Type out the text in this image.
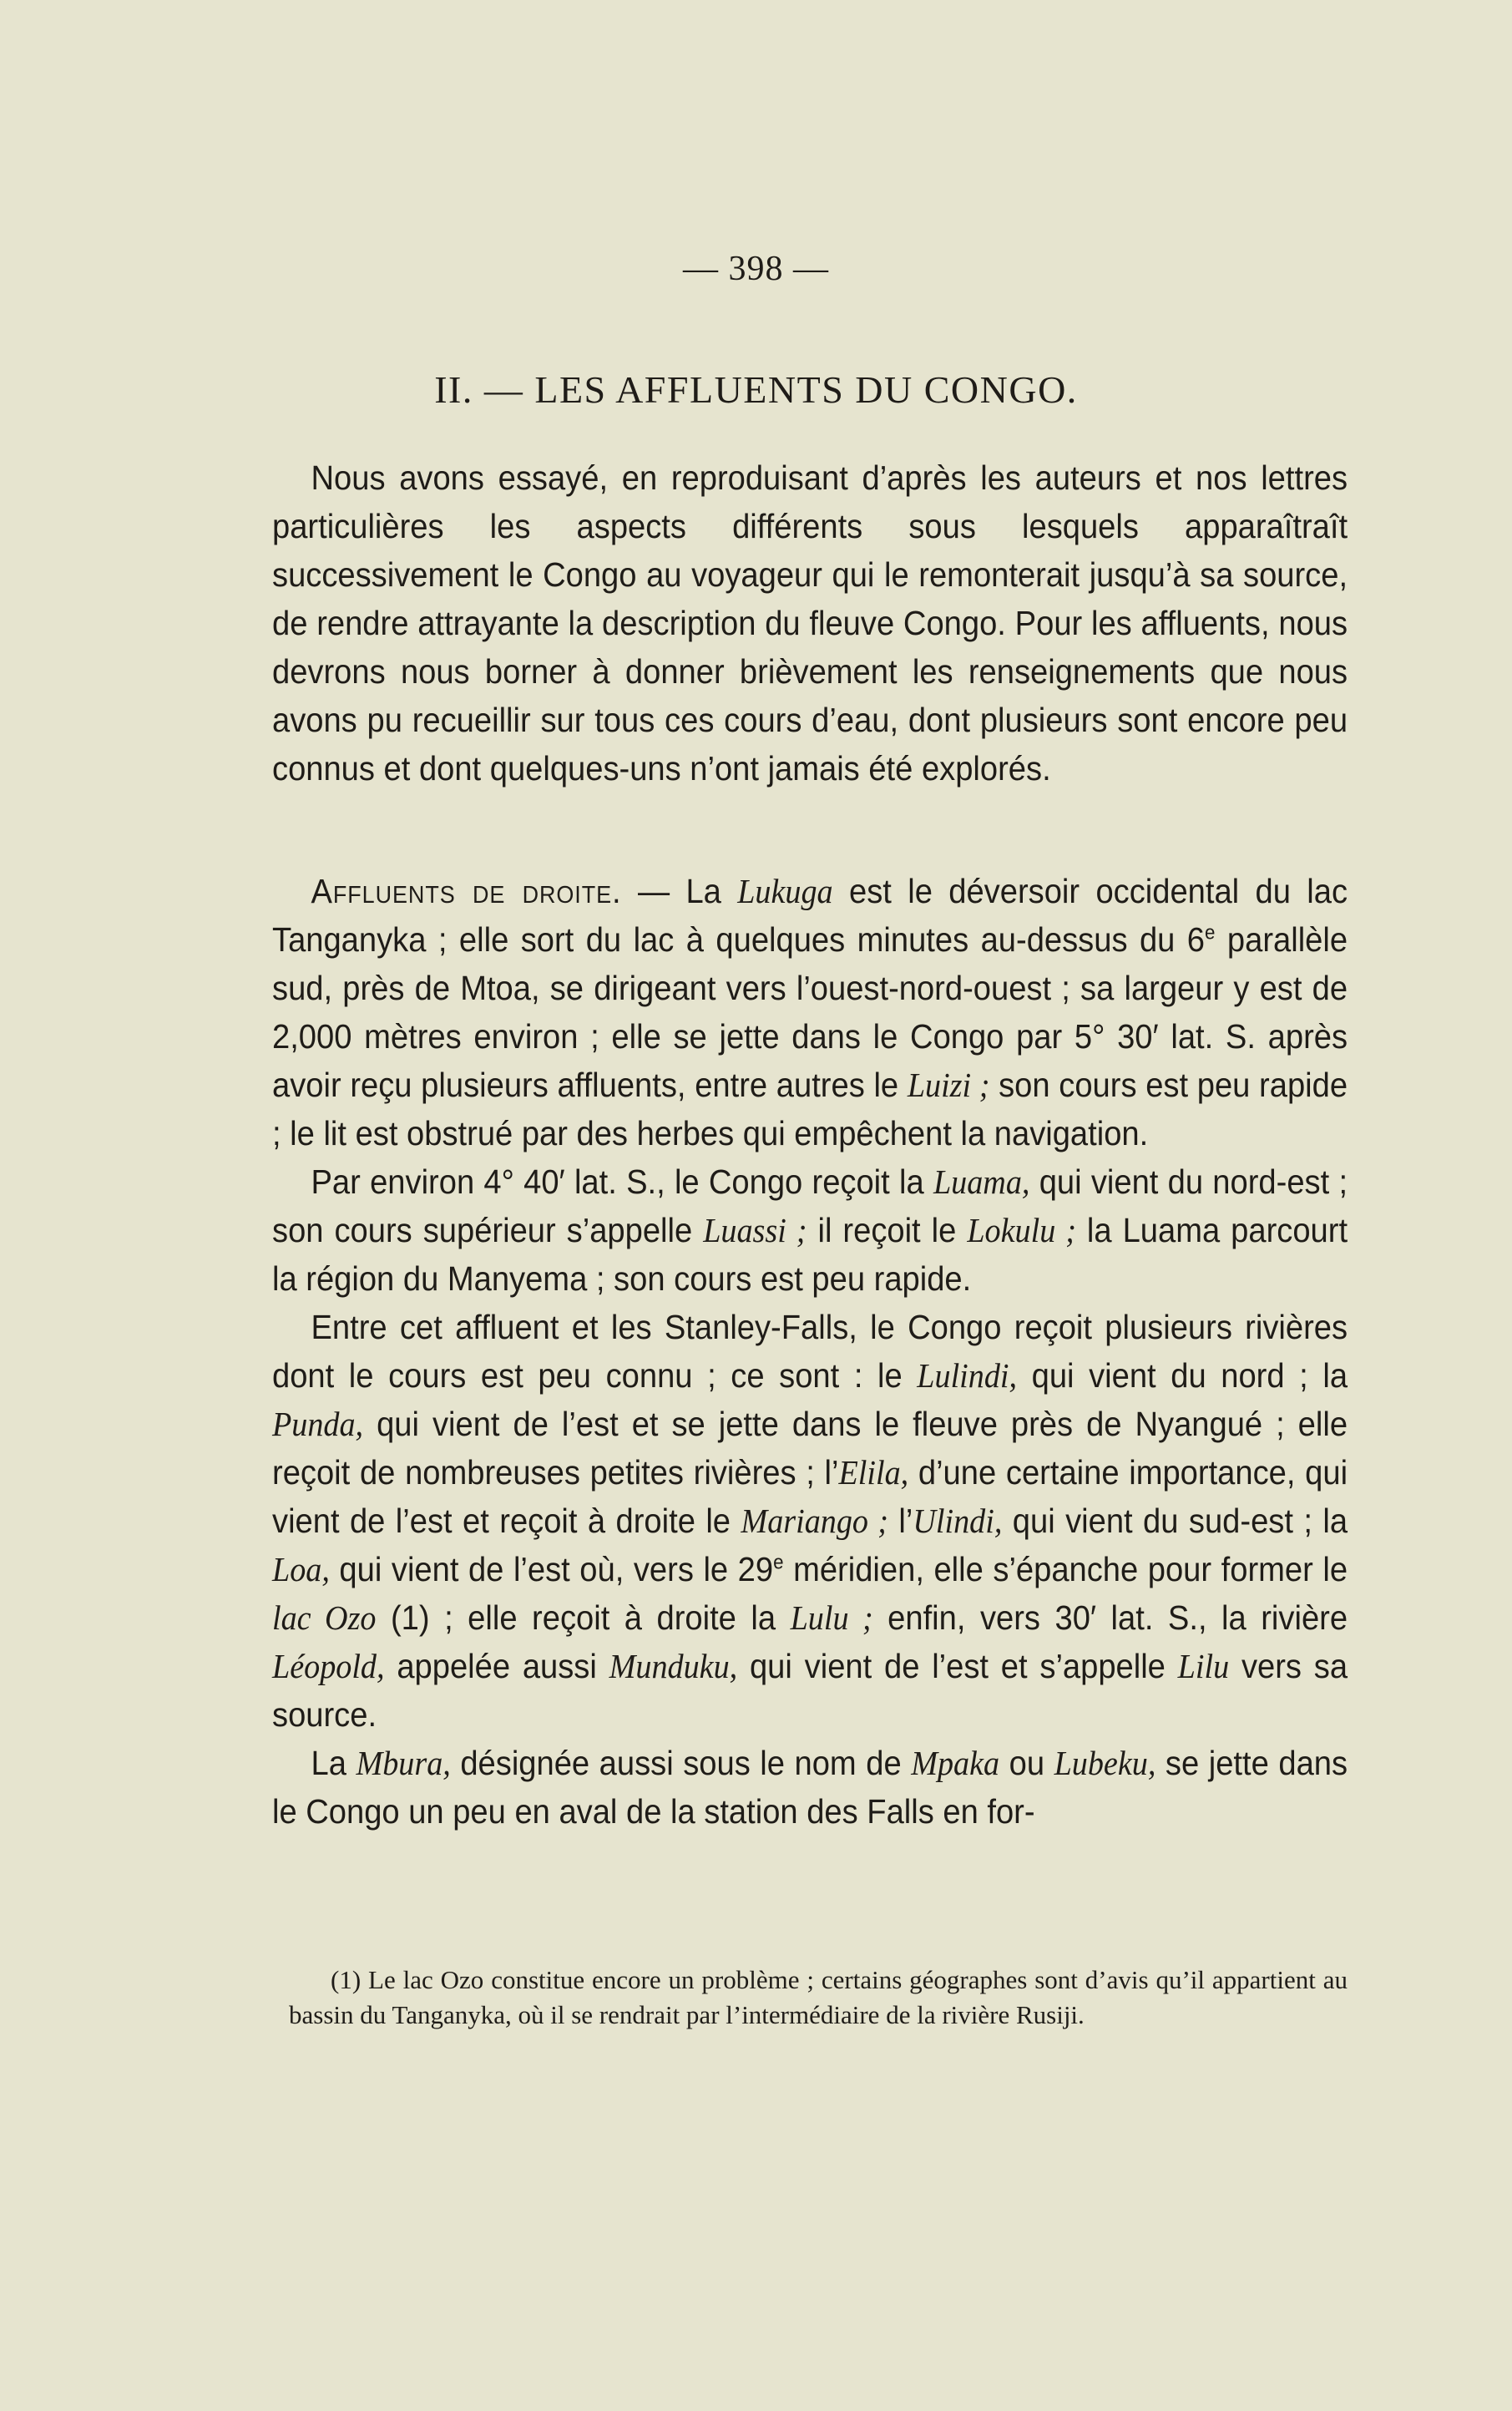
— 398 —
II. — LES AFFLUENTS DU CONGO.

Nous avons essayé, en reproduisant d’après les auteurs et nos lettres particulières les aspects différents sous lesquels apparaîtraît successivement le Congo au voyageur qui le remonterait jusqu’à sa source, de rendre attrayante la description du fleuve Congo. Pour les affluents, nous devrons nous borner à donner brièvement les renseignements que nous avons pu recueillir sur tous ces cours d’eau, dont plusieurs sont encore peu connus et dont quelques-uns n’ont jamais été explorés.

Affluents de droite. — La Lukuga est le déversoir occidental du lac Tanganyka ; elle sort du lac à quelques minutes au-dessus du 6e parallèle sud, près de Mtoa, se dirigeant vers l’ouest-nord-ouest ; sa largeur y est de 2,000 mètres environ ; elle se jette dans le Congo par 5° 30′ lat. S. après avoir reçu plusieurs affluents, entre autres le Luizi ; son cours est peu rapide ; le lit est obstrué par des herbes qui empêchent la navigation.

Par environ 4° 40′ lat. S., le Congo reçoit la Luama, qui vient du nord-est ; son cours supérieur s’appelle Luassi ; il reçoit le Lokulu ; la Luama parcourt la région du Manyema ; son cours est peu rapide.

Entre cet affluent et les Stanley-Falls, le Congo reçoit plusieurs rivières dont le cours est peu connu ; ce sont : le Lulindi, qui vient du nord ; la Punda, qui vient de l’est et se jette dans le fleuve près de Nyangué ; elle reçoit de nombreuses petites rivières ; l’Elila, d’une certaine importance, qui vient de l’est et reçoit à droite le Mariango ; l’Ulindi, qui vient du sud-est ; la Loa, qui vient de l’est où, vers le 29e méridien, elle s’épanche pour former le lac Ozo (1) ; elle reçoit à droite la Lulu ; enfin, vers 30′ lat. S., la rivière Léopold, appelée aussi Munduku, qui vient de l’est et s’appelle Lilu vers sa source.

La Mbura, désignée aussi sous le nom de Mpaka ou Lubeku, se jette dans le Congo un peu en aval de la station des Falls en for-

(1) Le lac Ozo constitue encore un problème ; certains géographes sont d’avis qu’il appartient au bassin du Tanganyka, où il se rendrait par l’intermédiaire de la rivière Rusiji.
